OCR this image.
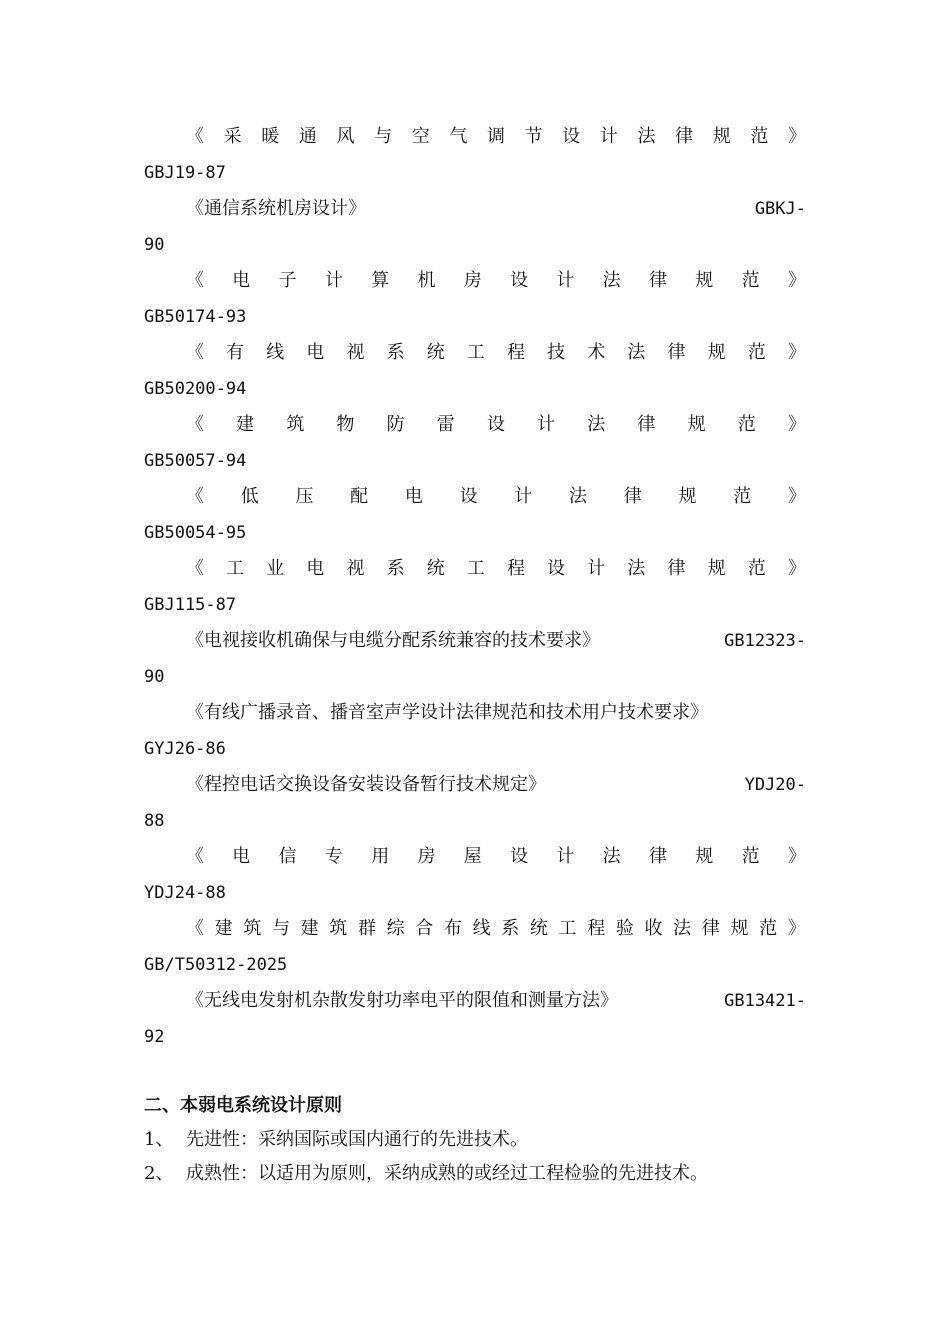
《 采 暖 通 风 与 空 气 调 节 设 计 法 律 规 范 》
GBJ19-87
《通信系统机房设计》	GBKJ-
90
《 电 子 计 算 机 房 设 计 法 律 规 范 》
GB50174-93
《 有 线 电 视 系 统 工 程 技 术 法 律 规 范 》
GB50200-94
《 建 筑 物 防 雷 设 计 法 律 规 范 》
GB50057-94
《 低 压 配 电 设 计 法 律 规 范 》
GB50054-95
《 工 业 电 视 系 统 工 程 设 计 法 律 规 范 》
GBJ115-87
《电视接收机确保与电缆分配系统兼容的技术要求》	GB12323-
90
《有线广播录音、播音室声学设计法律规范和技术用户技术要求》
GYJ26-86
《程控电话交换设备安装设备暂行技术规定》	YDJ20-
88
《 电 信 专 用 房 屋 设 计 法 律 规 范 》
YDJ24-88
《 建 筑 与 建 筑 群 综 合 布 线 系 统 工 程 验 收 法 律 规 范 》
GB/T50312-2025
《无线电发射机杂散发射功率电平的限值和测量方法》	GB13421-
92
二、本弱电系统设计原则
1、 先进性：采纳国际或国内通行的先进技术。
2、 成熟性：以适用为原则，采纳成熟的或经过工程检验的先进技术。
